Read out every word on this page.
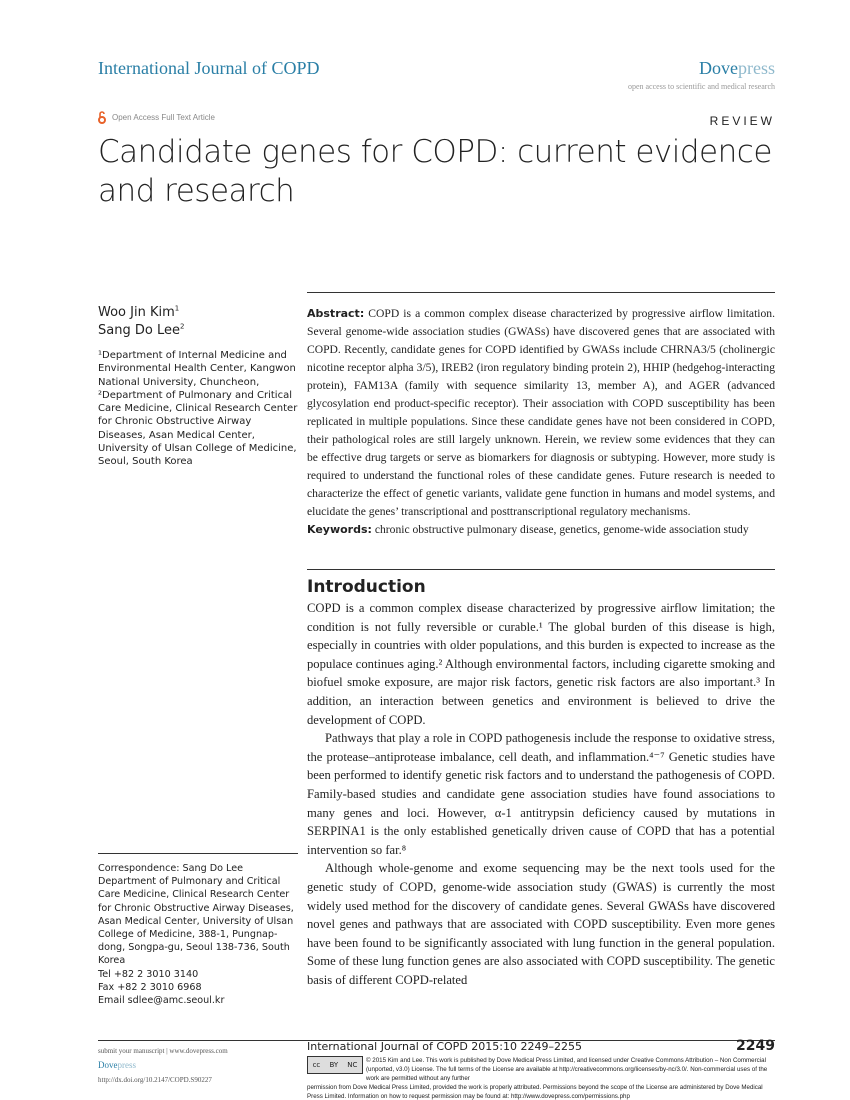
International Journal of COPD	Dovepress
open access to scientific and medical research
Open Access Full Text Article	REVIEW
Candidate genes for COPD: current evidence and research
Woo Jin Kim$^1$
Sang Do Lee$^2$
¹Department of Internal Medicine and Environmental Health Center, Kangwon National University, Chuncheon, ²Department of Pulmonary and Critical Care Medicine, Clinical Research Center for Chronic Obstructive Airway Diseases, Asan Medical Center, University of Ulsan College of Medicine, Seoul, South Korea
Correspondence: Sang Do Lee
Department of Pulmonary and Critical Care Medicine, Clinical Research Center for Chronic Obstructive Airway Diseases, Asan Medical Center, University of Ulsan College of Medicine, 388-1, Pungnap-dong, Songpa-gu, Seoul 138-736, South Korea
Tel +82 2 3010 3140
Fax +82 2 3010 6968
Email sdlee@amc.seoul.kr
Abstract: COPD is a common complex disease characterized by progressive airflow limitation. Several genome-wide association studies (GWASs) have discovered genes that are associated with COPD. Recently, candidate genes for COPD identified by GWASs include CHRNA3/5 (cholinergic nicotine receptor alpha 3/5), IREB2 (iron regulatory binding protein 2), HHIP (hedgehog-interacting protein), FAM13A (family with sequence similarity 13, member A), and AGER (advanced glycosylation end product-specific receptor). Their association with COPD susceptibility has been replicated in multiple populations. Since these candidate genes have not been considered in COPD, their pathological roles are still largely unknown. Herein, we review some evidences that they can be effective drug targets or serve as biomarkers for diagnosis or subtyping. However, more study is required to understand the functional roles of these candidate genes. Future research is needed to characterize the effect of genetic variants, validate gene function in humans and model systems, and elucidate the genes’ transcriptional and posttranscriptional regulatory mechanisms.
Keywords: chronic obstructive pulmonary disease, genetics, genome-wide association study
Introduction

COPD is a common complex disease characterized by progressive airflow limitation; the condition is not fully reversible or curable.¹ The global burden of this disease is high, especially in countries with older populations, and this burden is expected to increase as the populace continues aging.² Although environmental factors, including cigarette smoking and biofuel smoke exposure, are major risk factors, genetic risk factors are also important.³ In addition, an interaction between genetics and environment is believed to drive the development of COPD.

Pathways that play a role in COPD pathogenesis include the response to oxidative stress, the protease–antiprotease imbalance, cell death, and inflammation.⁴⁻⁷ Genetic studies have been performed to identify genetic risk factors and to understand the pathogenesis of COPD. Family-based studies and candidate gene association studies have found associations to many genes and loci. However, α-1 antitrypsin deficiency caused by mutations in SERPINA1 is the only established genetically driven cause of COPD that has a potential intervention so far.⁸

Although whole-genome and exome sequencing may be the next tools used for the genetic study of COPD, genome-wide association study (GWAS) is currently the most widely used method for the discovery of candidate genes. Several GWASs have discovered novel genes and pathways that are associated with COPD susceptibility. Even more genes have been found to be significantly associated with lung function in the general population. Some of these lung function genes are also associated with COPD susceptibility. The genetic basis of different COPD-related

submit your manuscript | www.dovepress.com
Dovepress
http://dx.doi.org/10.2147/COPD.S90227
International Journal of COPD 2015:10 2249–2255	2249
cc BY NC
© 2015 Kim and Lee. This work is published by Dove Medical Press Limited, and licensed under Creative Commons Attribution – Non Commercial (unported, v3.0) License. The full terms of the License are available at http://creativecommons.org/licenses/by-nc/3.0/. Non-commercial uses of the work are permitted without any further
permission from Dove Medical Press Limited, provided the work is properly attributed. Permissions beyond the scope of the License are administered by Dove Medical Press Limited. Information on how to request permission may be found at: http://www.dovepress.com/permissions.php
